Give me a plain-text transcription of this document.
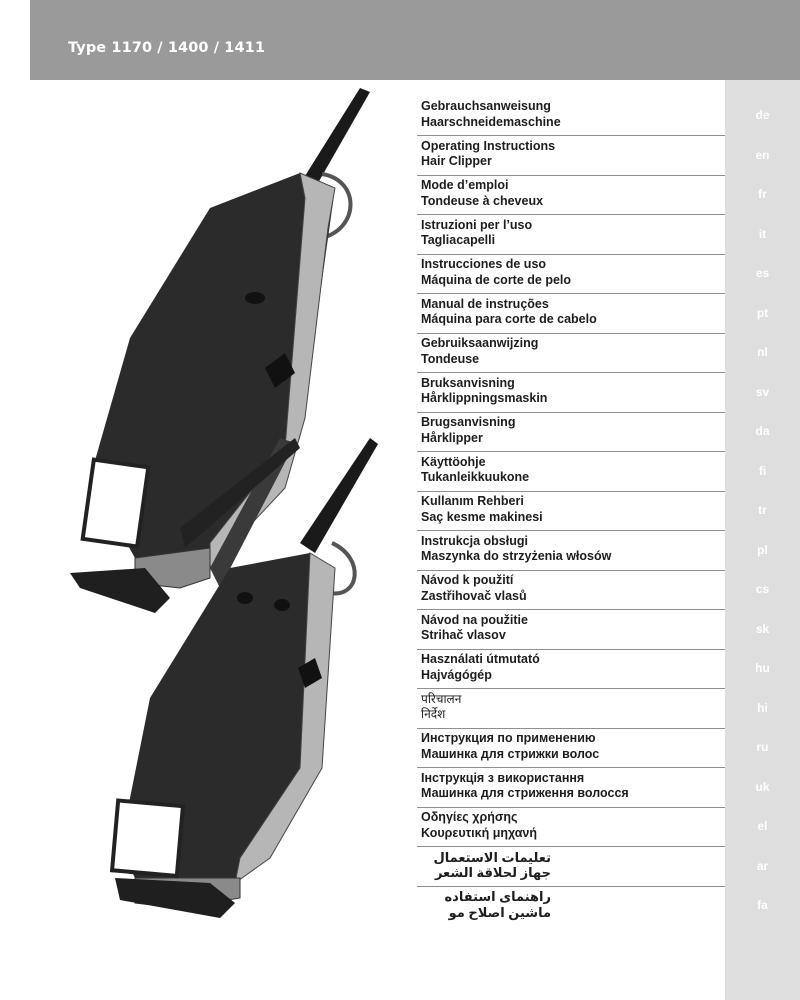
Type 1170 / 1400 / 1411
Gebrauchsanweisung
Haarschneidemaschine	de
Operating Instructions
Hair Clipper	en
Mode d’emploi
Tondeuse à cheveux	fr
Istruzioni per l’uso
Tagliacapelli	it
Instrucciones de uso
Máquina de corte de pelo	es
Manual de instruções
Máquina para corte de cabelo	pt
Gebruiksaanwijzing
Tondeuse	nl
Bruksanvisning
Hårklippningsmaskin	sv
Brugsanvisning
Hårklipper	da
Käyttöohje
Tukanleikkuukone	fi
Kullanım Rehberi
Saç kesme makinesi	tr
Instrukcja obsługi
Maszynka do strzyżenia włosów	pl
Návod k použití
Zastřihovač vlasů	cs
Návod na použitie
Strihač vlasov	sk
Használati útmutató
Hajvágógép	hu
परिचालन
निर्देश	hi
Инструкция по применению
Машинка для стрижки волос	ru
Інструкція з використання
Машинка для стриження волосся	uk
Οδηγίες χρήσης
Κουρευτική μηχανή	el
تعليمات الاستعمال
جهاز لحلاقة الشعر	ar
راهنمای استفاده
ماشین اصلاح مو	fa
